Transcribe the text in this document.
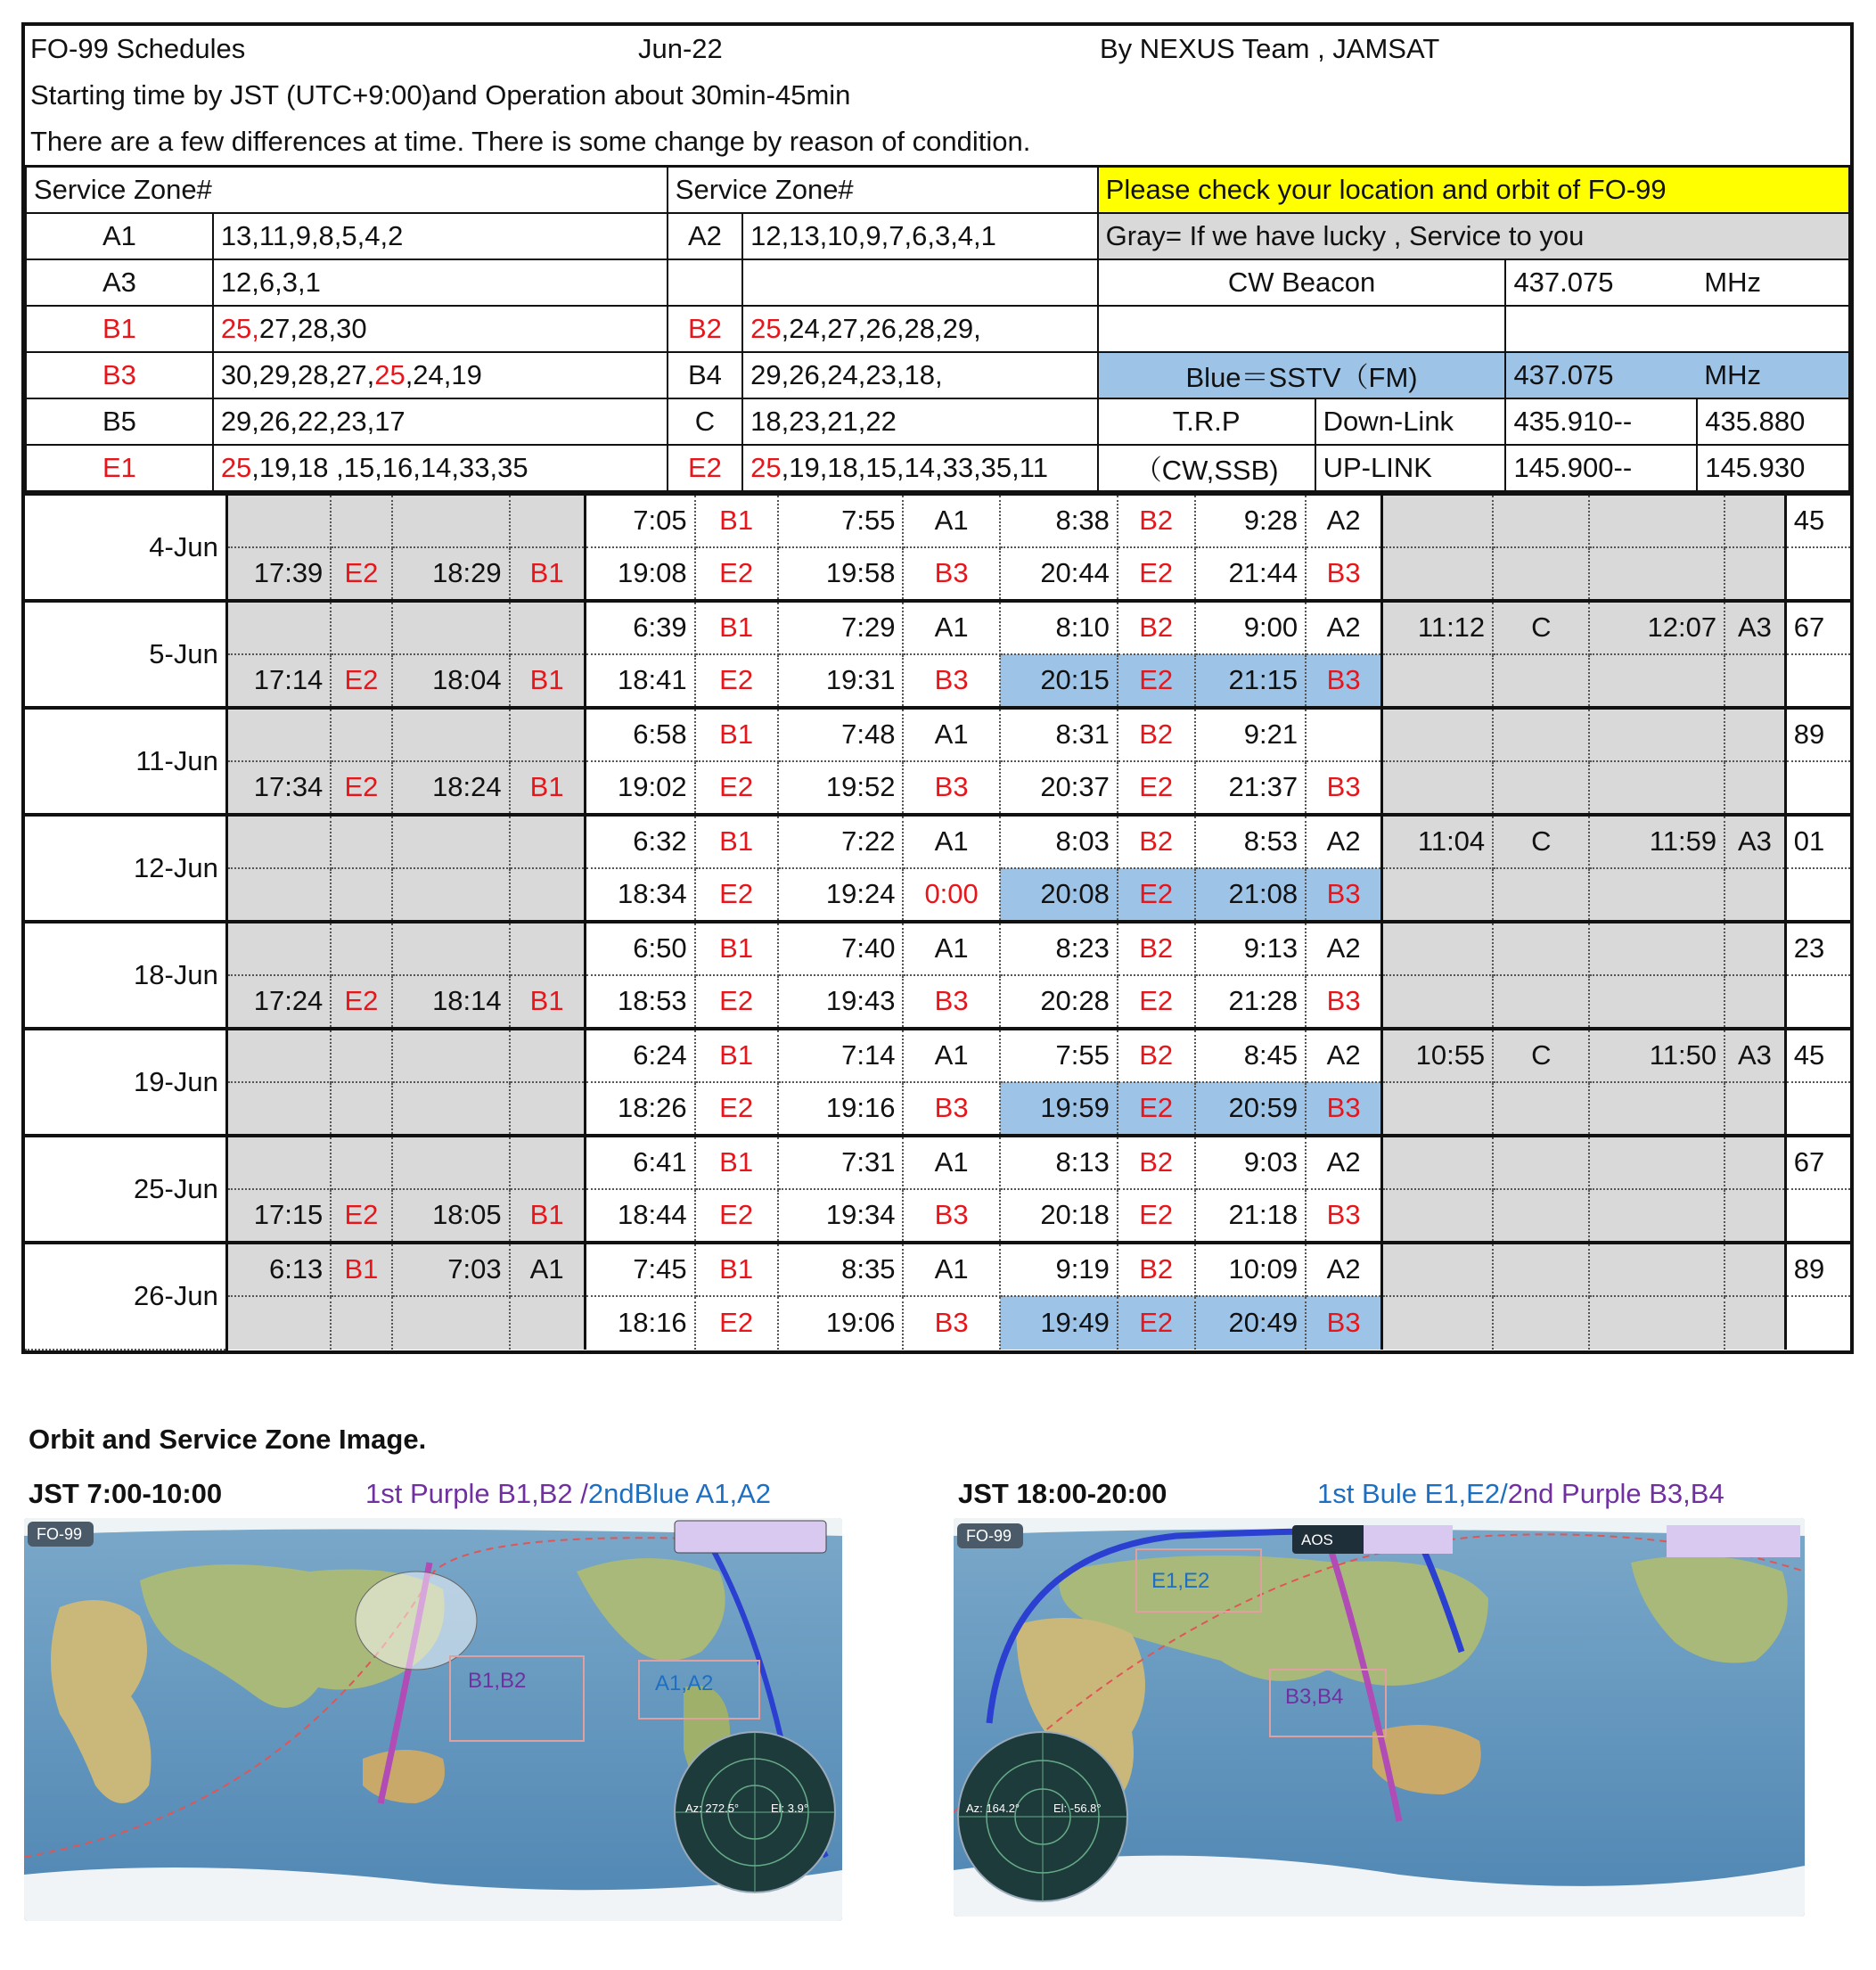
FO-99 Schedules	Jun-22	By NEXUS Team , JAMSAT
Starting time by JST (UTC+9:00)and Operation about 30min-45min
There are a few differences at time. There is some change by reason of condition.
Service Zone#		Service Zone#		Please check your location and orbit of FO-99			
A1	13,11,9,8,5,4,2	A2	12,13,10,9,7,6,3,4,1	Gray= If we have lucky , Service to you			
A3	12,6,3,1			CW Beacon		437.075	MHz
B1	25,27,28,30	B2	25,24,27,26,28,29,				
B3	30,29,28,27,25,24,19	B4	29,26,24,23,18,	Blue＝SSTV（FM)		437.075	MHz
B5	29,26,22,23,17	C	18,23,21,22	T.R.P	Down-Link	435.910--	435.880
E1	25,19,18 ,15,16,14,33,35	E2	25,19,18,15,14,33,35,11	（CW,SSB)	UP-LINK	145.900--	145.930
4-Jun					7:05	B1	7:55	A1	8:38	B2	9:28	A2					45
	17:39	E2	18:29	B1	19:08	E2	19:58	B3	20:44	E2	21:44	B3					
5-Jun					6:39	B1	7:29	A1	8:10	B2	9:00	A2	11:12	C	12:07	A3	67
	17:14	E2	18:04	B1	18:41	E2	19:31	B3	20:15	E2	21:15	B3					
11-Jun					6:58	B1	7:48	A1	8:31	B2	9:21						89
	17:34	E2	18:24	B1	19:02	E2	19:52	B3	20:37	E2	21:37	B3					
12-Jun					6:32	B1	7:22	A1	8:03	B2	8:53	A2	11:04	C	11:59	A3	01
					18:34	E2	19:24	0:00	20:08	E2	21:08	B3					
18-Jun					6:50	B1	7:40	A1	8:23	B2	9:13	A2					23
	17:24	E2	18:14	B1	18:53	E2	19:43	B3	20:28	E2	21:28	B3					
19-Jun					6:24	B1	7:14	A1	7:55	B2	8:45	A2	10:55	C	11:50	A3	45
					18:26	E2	19:16	B3	19:59	E2	20:59	B3					
25-Jun					6:41	B1	7:31	A1	8:13	B2	9:03	A2					67
	17:15	E2	18:05	B1	18:44	E2	19:34	B3	20:18	E2	21:18	B3					
26-Jun	6:13	B1	7:03	A1	7:45	B1	8:35	A1	9:19	B2	10:09	A2					89
					18:16	E2	19:06	B3	19:49	E2	20:49	B3					
Orbit and Service Zone Image.
JST 7:00-10:00	1st Purple B1,B2 /2ndBlue A1,A2	JST 18:00-20:00	1st Bule E1,E2/2nd Purple B3,B4
B1,B2	A1,A2
FO-99
Az: 272.5°	El: 3.9°
E1,E2
B3,B4
AOS
FO-99
Az: 164.2°	El: -56.8°
